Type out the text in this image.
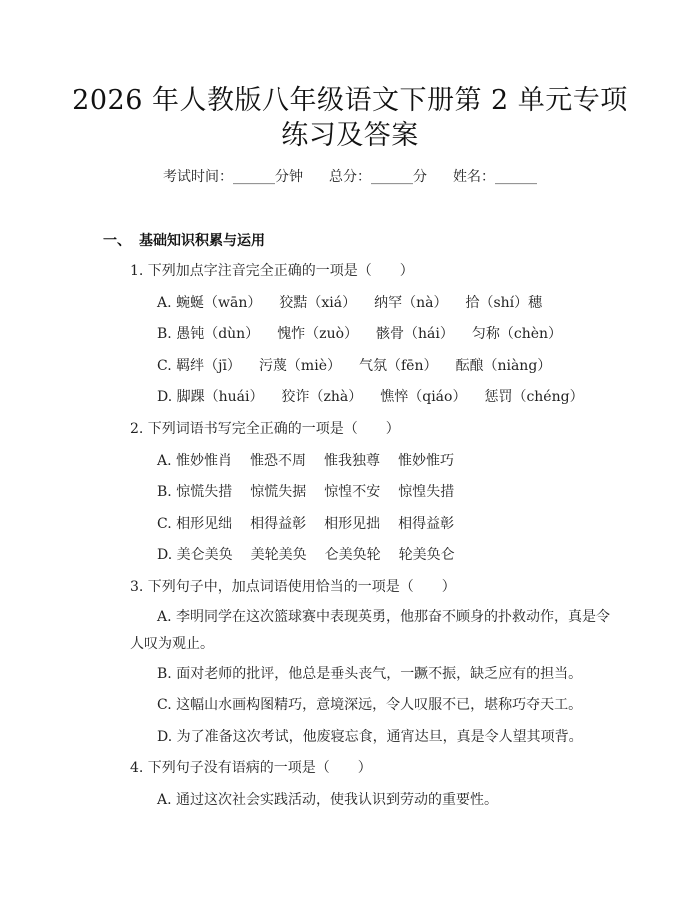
2026 年人教版八年级语文下册第 2 单元专项
练习及答案
考试时间：______分钟 总分：______分 姓名：______
一、 基础知识积累与运用
1. 下列加点字注音完全正确的一项是（　　）
A. 蜿蜒（wān） 狡黠（xiá） 纳罕（nà） 拾（shí）穗
B. 愚钝（dùn） 愧怍（zuò） 骸骨（hái） 匀称（chèn）
C. 羁绊（jī） 污蔑（miè） 气氛（fēn） 酝酿（niàng）
D. 脚踝（huái） 狡诈（zhà） 憔悴（qiáo） 惩罚（chéng）
2. 下列词语书写完全正确的一项是（　　）
A. 惟妙惟肖 惟恐不周 惟我独尊 惟妙惟巧
B. 惊慌失措 惊慌失据 惊惶不安 惊惶失措
C. 相形见绌 相得益彰 相形见拙 相得益彰
D. 美仑美奂 美轮美奂 仑美奂轮 轮美奂仑
3. 下列句子中，加点词语使用恰当的一项是（　　）
A. 李明同学在这次篮球赛中表现英勇，他那奋不顾身的扑救动作，真是令人叹为观止。
B. 面对老师的批评，他总是垂头丧气，一蹶不振，缺乏应有的担当。
C. 这幅山水画构图精巧，意境深远，令人叹服不已，堪称巧夺天工。
D. 为了准备这次考试，他废寝忘食，通宵达旦，真是令人望其项背。
4. 下列句子没有语病的一项是（　　）
A. 通过这次社会实践活动，使我认识到劳动的重要性。
